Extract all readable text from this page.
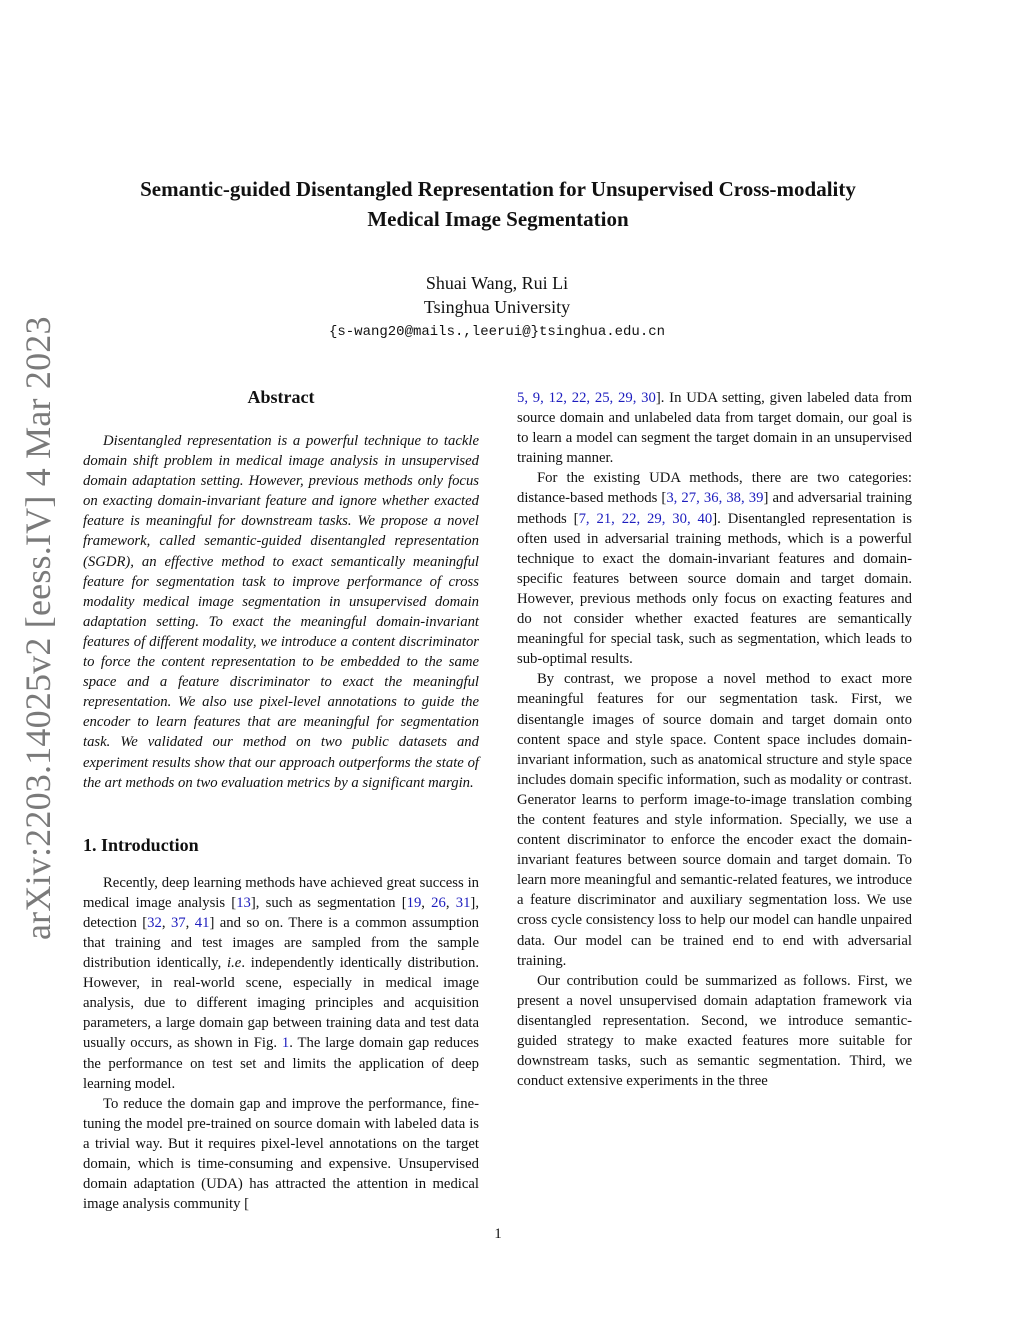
arXiv:2203.14025v2 [eess.IV] 4 Mar 2023
Semantic-guided Disentangled Representation for Unsupervised Cross-modality
Medical Image Segmentation
Shuai Wang, Rui Li
Tsinghua University
{s-wang20@mails.,leerui@}tsinghua.edu.cn
Abstract

Disentangled representation is a powerful technique to tackle domain shift problem in medical image analysis in unsupervised domain adaptation setting. However, previous methods only focus on exacting domain-invariant feature and ignore whether exacted feature is meaningful for downstream tasks. We propose a novel framework, called semantic-guided disentangled representation (SGDR), an effective method to exact semantically meaningful feature for segmentation task to improve performance of cross modality medical image segmentation in unsupervised domain adaptation setting. To exact the meaningful domain-invariant features of different modality, we introduce a content discriminator to force the content representation to be embedded to the same space and a feature discriminator to exact the meaningful representation. We also use pixel-level annotations to guide the encoder to learn features that are meaningful for segmentation task. We validated our method on two public datasets and experiment results show that our approach outperforms the state of the art methods on two evaluation metrics by a significant margin.

1. Introduction

Recently, deep learning methods have achieved great success in medical image analysis [13], such as segmentation [19, 26, 31], detection [32, 37, 41] and so on. There is a common assumption that training and test images are sampled from the sample distribution identically, i.e. independently identically distribution. However, in real-world scene, especially in medical image analysis, due to different imaging principles and acquisition parameters, a large domain gap between training data and test data usually occurs, as shown in Fig. 1. The large domain gap reduces the performance on test set and limits the application of deep learning model.

To reduce the domain gap and improve the performance, fine-tuning the model pre-trained on source domain with labeled data is a trivial way. But it requires pixel-level annotations on the target domain, which is time-consuming and expensive. Unsupervised domain adaptation (UDA) has attracted the attention in medical image analysis community [

5, 9, 12, 22, 25, 29, 30]. In UDA setting, given labeled data from source domain and unlabeled data from target domain, our goal is to learn a model can segment the target domain in an unsupervised training manner.

For the existing UDA methods, there are two categories: distance-based methods [3, 27, 36, 38, 39] and adversarial training methods [7, 21, 22, 29, 30, 40]. Disentangled representation is often used in adversarial training methods, which is a powerful technique to exact the domain-invariant features and domain-specific features between source domain and target domain. However, previous methods only focus on exacting features and do not consider whether exacted features are semantically meaningful for special task, such as segmentation, which leads to sub-optimal results.

By contrast, we propose a novel method to exact more meaningful features for our segmentation task. First, we disentangle images of source domain and target domain onto content space and style space. Content space includes domain-invariant information, such as anatomical structure and style space includes domain specific information, such as modality or contrast. Generator learns to perform image-to-image translation combing the content features and style information. Specially, we use a content discriminator to enforce the encoder exact the domain-invariant features between source domain and target domain. To learn more meaningful and semantic-related features, we introduce a feature discriminator and auxiliary segmentation loss. We use cross cycle consistency loss to help our model can handle unpaired data. Our model can be trained end to end with adversarial training.

Our contribution could be summarized as follows. First, we present a novel unsupervised domain adaptation framework via disentangled representation. Second, we introduce semantic-guided strategy to make exacted features more suitable for downstream tasks, such as semantic segmentation. Third, we conduct extensive experiments in the three

1
